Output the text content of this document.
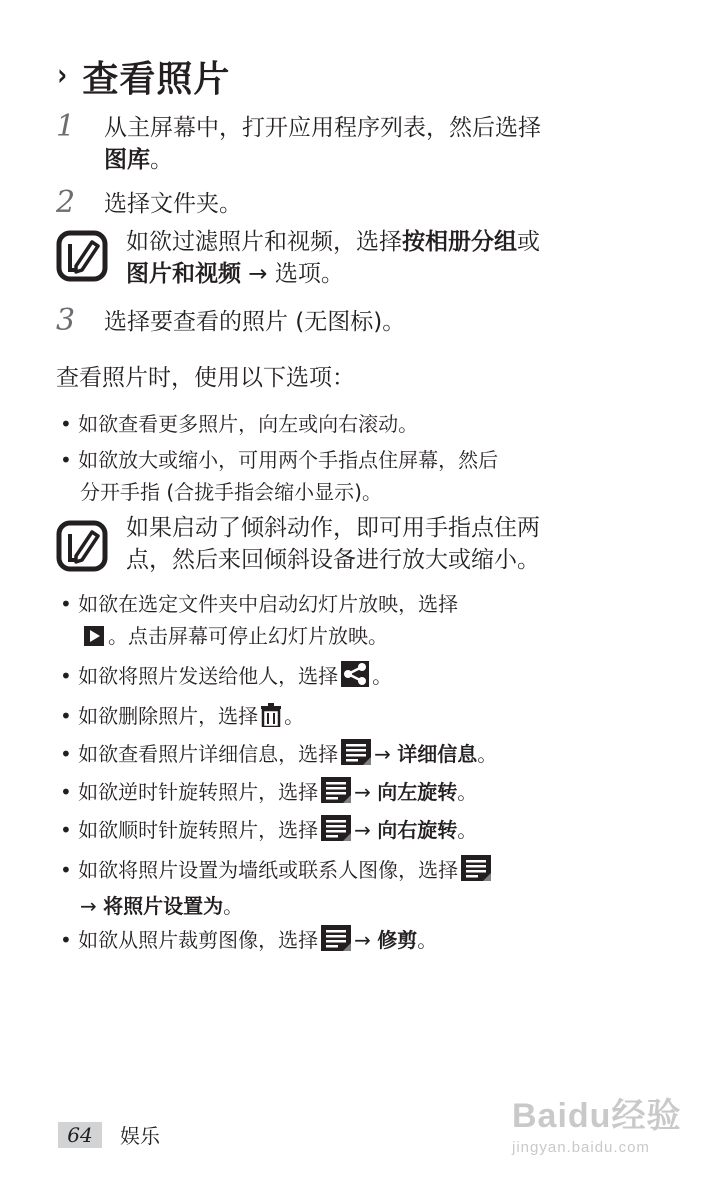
› 查看照片
1 从主屏幕中，打开应用程序列表，然后选择
图库。
2 选择文件夹。
如欲过滤照片和视频，选择按相册分组或
图片和视频 → 选项。
3 选择要查看的照片 (无图标)。
查看照片时，使用以下选项：
• 如欲查看更多照片，向左或向右滚动。
• 如欲放大或缩小，可用两个手指点住屏幕，然后
分开手指 (合拢手指会缩小显示)。
如果启动了倾斜动作，即可用手指点住两
点，然后来回倾斜设备进行放大或缩小。
• 如欲在选定文件夹中启动幻灯片放映，选择
。点击屏幕可停止幻灯片放映。
• 如欲将照片发送给他人，选择 。
• 如欲删除照片，选择 。
• 如欲查看照片详细信息，选择 → 详细信息。
• 如欲逆时针旋转照片，选择 → 向左旋转。
• 如欲顺时针旋转照片，选择 → 向右旋转。
• 如欲将照片设置为墙纸或联系人图像，选择
→ 将照片设置为。
• 如欲从照片裁剪图像，选择 → 修剪。
64	娱乐
Baidu经验
jingyan.baidu.com
